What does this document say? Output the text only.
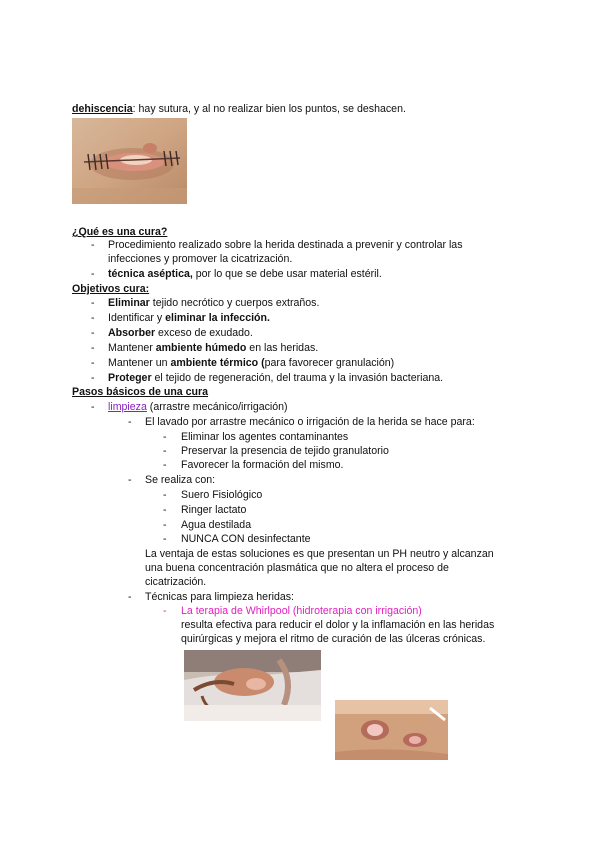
dehiscencia: hay sutura, y al no realizar bien los puntos, se deshacen.
¿Qué es una cura?
-	Procedimiento realizado sobre la herida destinada a prevenir y controlar las
infecciones y promover la cicatrización.
-	técnica aséptica, por lo que se debe usar material estéril.
Objetivos cura:
-	Eliminar tejido necrótico y cuerpos extraños.
-	Identificar y eliminar la infección.
-	Absorber exceso de exudado.
-	Mantener ambiente húmedo en las heridas.
-	Mantener un ambiente térmico (para favorecer granulación)
-	Proteger el tejido de regeneración, del trauma y la invasión bacteriana.
Pasos básicos de una cura
-	limpieza (arrastre mecánico/irrigación)
-	El lavado por arrastre mecánico o irrigación de la herida se hace para:
-	Eliminar los agentes contaminantes
-	Preservar la presencia de tejido granulatorio
-	Favorecer la formación del mismo.
-	Se realiza con:
-	Suero Fisiológico
-	Ringer lactato
-	Agua destilada
-	NUNCA CON desinfectante
La ventaja de estas soluciones es que presentan un PH neutro y alcanzan
una buena concentración plasmática que no altera el proceso de
cicatrización.
-	Técnicas para limpieza heridas:
-	La terapia de Whirlpool (hidroterapia con irrigación)
resulta efectiva para reducir el dolor y la inflamación en las heridas
quirúrgicas y mejora el ritmo de curación de las úlceras crónicas.
